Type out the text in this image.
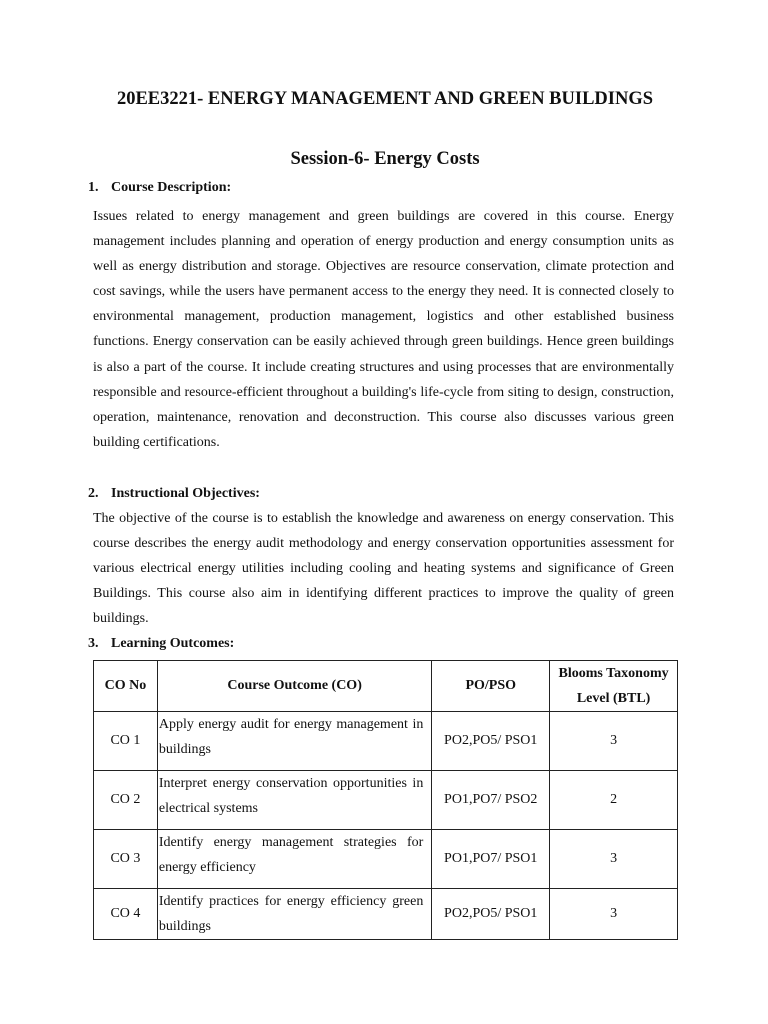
20EE3221- ENERGY MANAGEMENT AND GREEN BUILDINGS
Session-6- Energy Costs
1. Course Description:

Issues related to energy management and green buildings are covered in this course. Energy management includes planning and operation of energy production and energy consumption units as well as energy distribution and storage. Objectives are resource conservation, climate protection and cost savings, while the users have permanent access to the energy they need. It is connected closely to environmental management, production management, logistics and other established business functions. Energy conservation can be easily achieved through green buildings. Hence green buildings is also a part of the course. It include creating structures and using processes that are environmentally responsible and resource-efficient throughout a building's life-cycle from siting to design, construction, operation, maintenance, renovation and deconstruction. This course also discusses various green building certifications.

2. Instructional Objectives:

The objective of the course is to establish the knowledge and awareness on energy conservation. This course describes the energy audit methodology and energy conservation opportunities assessment for various electrical energy utilities including cooling and heating systems and significance of Green Buildings. This course also aim in identifying different practices to improve the quality of green buildings.

3. Learning Outcomes:
CO No	Course Outcome (CO)	PO/PSO	Blooms Taxonomy Level (BTL)
CO 1	Apply energy audit for energy management in buildings	PO2,PO5/ PSO1	3
CO 2	Interpret energy conservation opportunities in electrical systems	PO1,PO7/ PSO2	2
CO 3	Identify energy management strategies for energy efficiency	PO1,PO7/ PSO1	3
CO 4	Identify practices for energy efficiency green buildings	PO2,PO5/ PSO1	3
